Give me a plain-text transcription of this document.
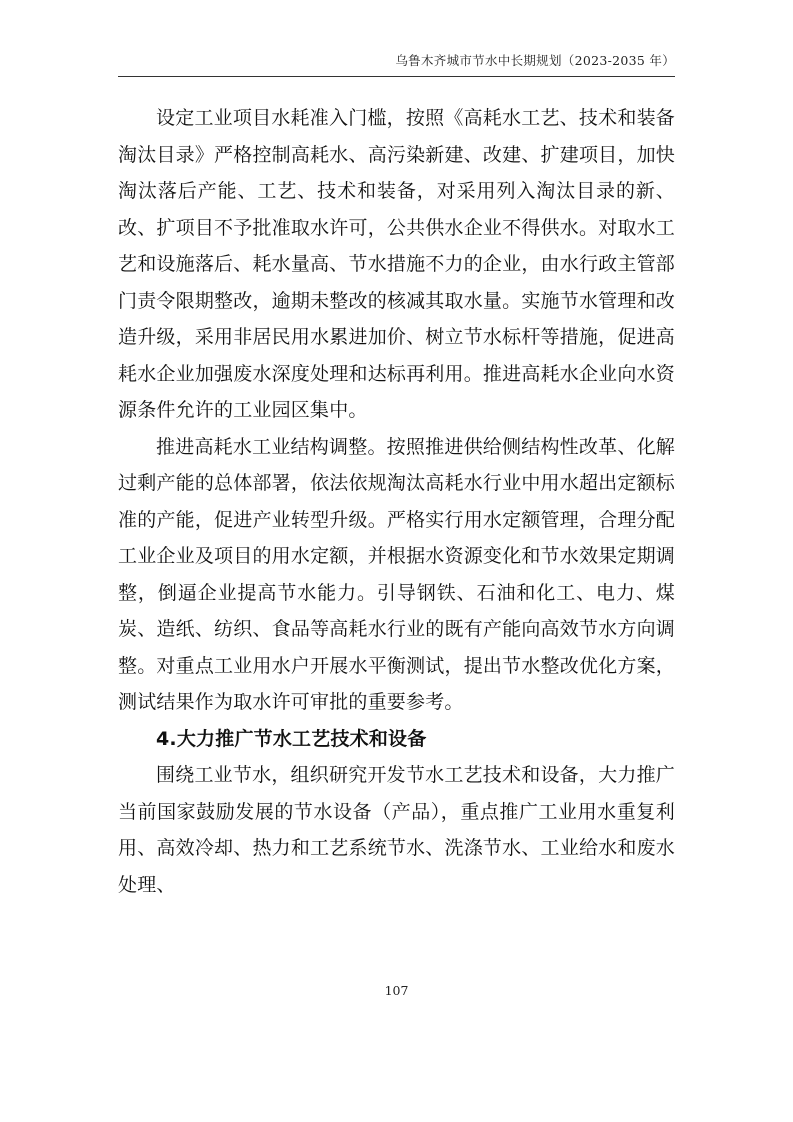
乌鲁木齐城市节水中长期规划（2023-2035 年）

设定工业项目水耗准入门槛，按照《高耗水工艺、技术和装备淘汰目录》严格控制高耗水、高污染新建、改建、扩建项目，加快淘汰落后产能、工艺、技术和装备，对采用列入淘汰目录的新、改、扩项目不予批准取水许可，公共供水企业不得供水。对取水工艺和设施落后、耗水量高、节水措施不力的企业，由水行政主管部门责令限期整改，逾期未整改的核减其取水量。实施节水管理和改造升级，采用非居民用水累进加价、树立节水标杆等措施，促进高耗水企业加强废水深度处理和达标再利用。推进高耗水企业向水资源条件允许的工业园区集中。

推进高耗水工业结构调整。按照推进供给侧结构性改革、化解过剩产能的总体部署，依法依规淘汰高耗水行业中用水超出定额标准的产能，促进产业转型升级。严格实行用水定额管理，合理分配工业企业及项目的用水定额，并根据水资源变化和节水效果定期调整，倒逼企业提高节水能力。引导钢铁、石油和化工、电力、煤炭、造纸、纺织、食品等高耗水行业的既有产能向高效节水方向调整。对重点工业用水户开展水平衡测试，提出节水整改优化方案，测试结果作为取水许可审批的重要参考。

4.大力推广节水工艺技术和设备

围绕工业节水，组织研究开发节水工艺技术和设备，大力推广当前国家鼓励发展的节水设备（产品），重点推广工业用水重复利用、高效冷却、热力和工艺系统节水、洗涤节水、工业给水和废水处理、

107
